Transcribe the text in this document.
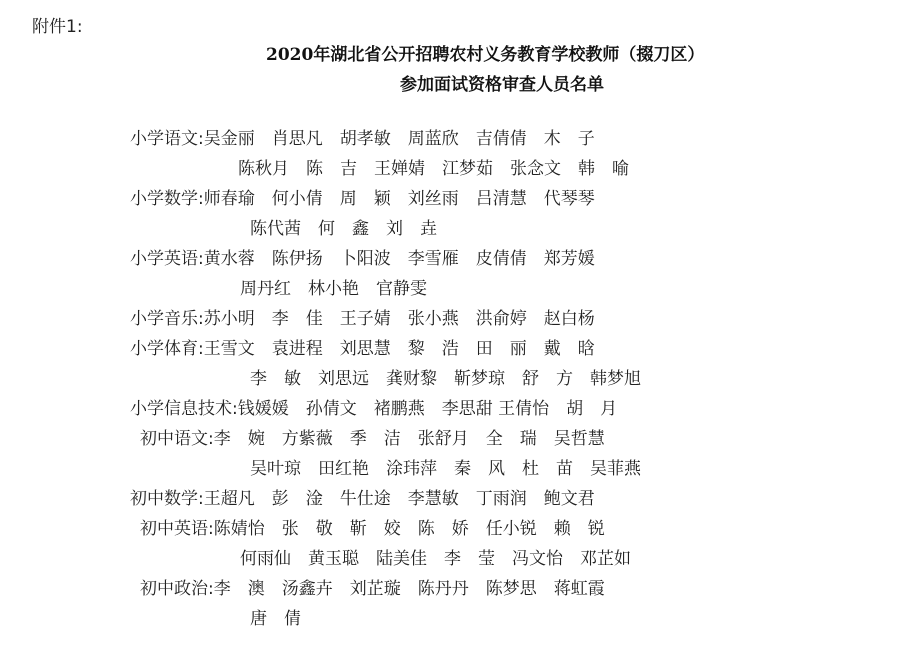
附件1:
2020年湖北省公开招聘农村义务教育学校教师（掇刀区）
参加面试资格审查人员名单
小学语文:吴金丽　肖思凡　胡孝敏　周蓝欣　吉倩倩　木　子
陈秋月　陈　吉　王婵婧　江梦茹　张念文　韩　喻
小学数学:师春瑜　何小倩　周　颖　刘丝雨　吕清慧　代琴琴
陈代茜　何　鑫　刘　垚
小学英语:黄水蓉　陈伊扬　卜阳波　李雪雁　皮倩倩　郑芳媛
周丹红　林小艳　官静雯
小学音乐:苏小明　李　佳　王子婧　张小燕　洪俞婷　赵白杨
小学体育:王雪文　袁进程　刘思慧　黎　浩　田　丽　戴　晗
李　敏　刘思远　龚财黎　靳梦琼　舒　方　韩梦旭
小学信息技术:钱媛媛　孙倩文　褚鹏燕　李思甜 王倩怡　胡　月
初中语文:李　婉　方紫薇　季　洁　张舒月　全　瑞　吴哲慧
吴叶琼　田红艳　涂玮萍　秦　风　杜　苗　吴菲燕
初中数学:王超凡　彭　淦　牛仕途　李慧敏　丁雨润　鲍文君
初中英语:陈婧怡　张　敬　靳　姣　陈　娇　任小锐　赖　锐
何雨仙　黄玉聪　陆美佳　李　莹　冯文怡　邓芷如
初中政治:李　澳　汤鑫卉　刘芷璇　陈丹丹　陈梦思　蒋虹霞
唐　倩
